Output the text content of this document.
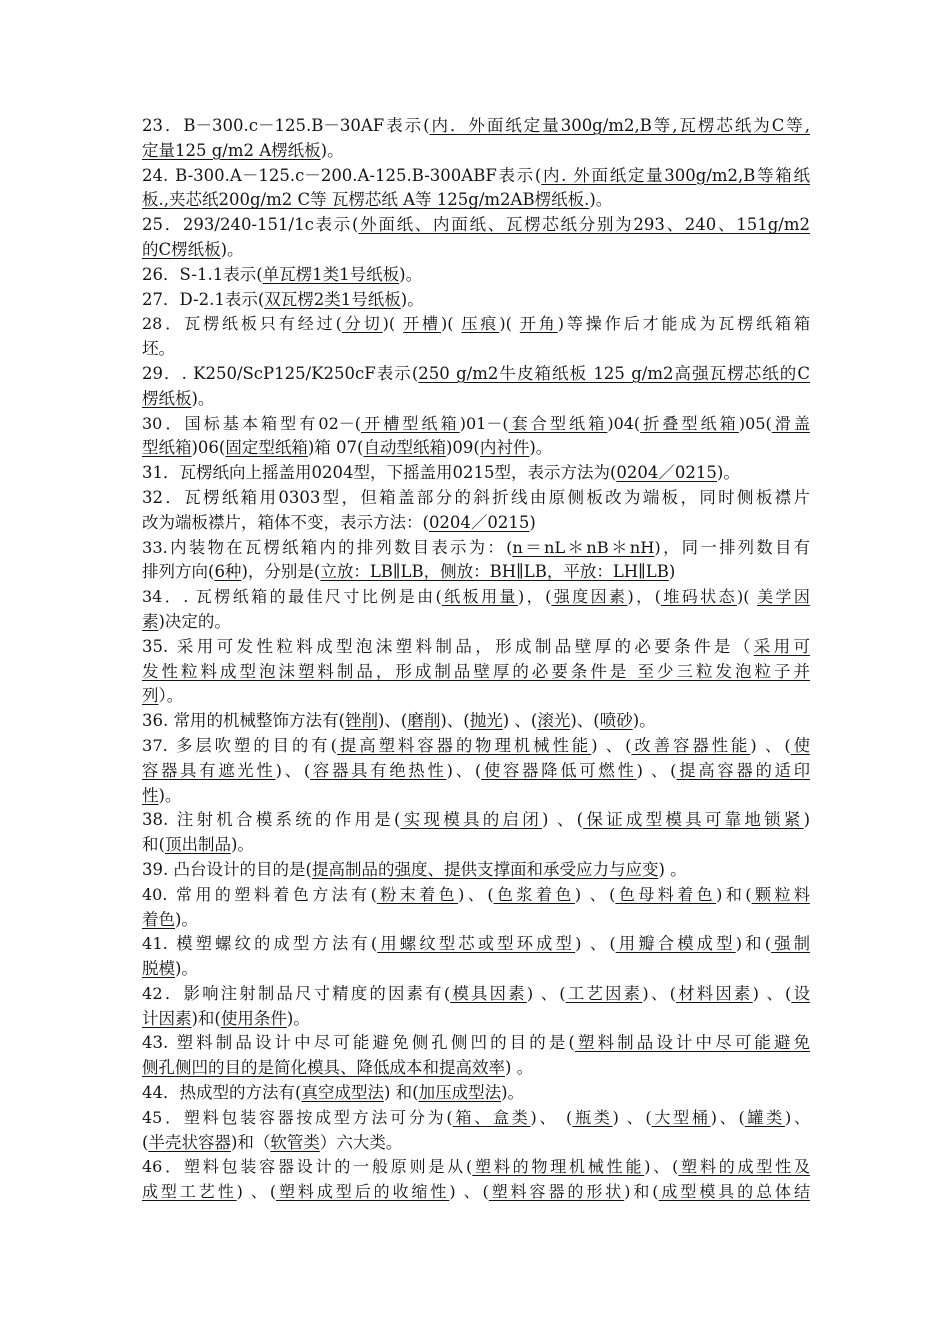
23．B－300.c－125.B－30AF表示(内．外面纸定量300g/m2,B等,瓦楞芯纸为C等,
定量125 g/m2 A楞纸板)。
24. B-300.A－125.c－200.A-125.B-300ABF表示(内. 外面纸定量300g/m2,B等箱纸
板.,夹芯纸200g/m2 C等 瓦楞芯纸 A等 125g/m2AB楞纸板.)。
25．293/240-151/1c表示(外面纸、内面纸、瓦楞芯纸分别为293、240、151g/m2
的C楞纸板)。
26．S-1.1表示(单瓦楞1类1号纸板)。
27．D-2.1表示(双瓦楞2类1号纸板)。
28．瓦楞纸板只有经过(分切)( 开槽)( 压痕)( 开角)等操作后才能成为瓦楞纸箱箱
坯。
29．. K250/ScP125/K250cF表示(250 g/m2牛皮箱纸板 125 g/m2高强瓦楞芯纸的C
楞纸板)。
30．国标基本箱型有02－(开槽型纸箱)01－(套合型纸箱)04(折叠型纸箱)05(滑盖
型纸箱)06(固定型纸箱)箱 07(自动型纸箱)09(内衬件)。
31．瓦楞纸向上摇盖用0204型，下摇盖用0215型，表示方法为(0204／0215)。
32．瓦楞纸箱用0303型，但箱盖部分的斜折线由原侧板改为端板，同时侧板襟片
改为端板襟片，箱体不变，表示方法：(0204／0215)
33.内装物在瓦楞纸箱内的排列数目表示为：(n＝nL＊nB＊nH)，同一排列数目有
排列方向(6种)，分别是(立放：LB∥LB，侧放：BH∥LB，平放：LH∥LB)
34．. 瓦楞纸箱的最佳尺寸比例是由(纸板用量)，(强度因素)，(堆码状态)( 美学因
素)决定的。
35. 采用可发性粒料成型泡沫塑料制品，形成制品壁厚的必要条件是（采用可
发性粒料成型泡沫塑料制品，形成制品壁厚的必要条件是 至少三粒发泡粒子并
列）。
36. 常用的机械整饰方法有(锉削)、(磨削)、(抛光) 、(滚光)、(喷砂)。
37. 多层吹塑的目的有(提高塑料容器的物理机械性能) 、(改善容器性能) 、(使
容器具有遮光性)、(容器具有绝热性)、(使容器降低可燃性) 、(提高容器的适印
性)。
38. 注射机合模系统的作用是(实现模具的启闭) 、(保证成型模具可靠地锁紧)
和(顶出制品)。
39. 凸台设计的目的是(提高制品的强度、提供支撑面和承受应力与应变) 。
40. 常用的塑料着色方法有(粉末着色)、(色浆着色) 、(色母料着色)和(颗粒料
着色)。
41. 模塑螺纹的成型方法有(用螺纹型芯或型环成型) 、(用瓣合模成型)和(强制
脱模)。
42．影响注射制品尺寸精度的因素有(模具因素) 、(工艺因素)、(材料因素) 、(设
计因素)和(使用条件)。
43. 塑料制品设计中尽可能避免侧孔侧凹的目的是(塑料制品设计中尽可能避免
侧孔侧凹的目的是简化模具、降低成本和提高效率) 。
44．热成型的方法有(真空成型法) 和(加压成型法)。
45．塑料包装容器按成型方法可分为(箱、盒类)、 (瓶类) 、(大型桶)、(罐类)、
(半壳状容器)和（软管类）六大类。
46．塑料包装容器设计的一般原则是从(塑料的物理机械性能)、(塑料的成型性及
成型工艺性) 、(塑料成型后的收缩性) 、(塑料容器的形状)和(成型模具的总体结
